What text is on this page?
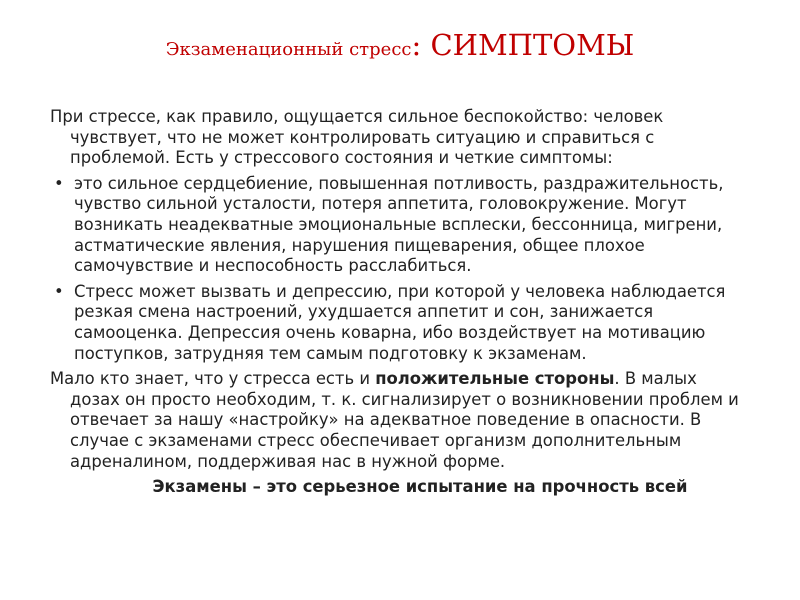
Экзаменационный стресс: СИМПТОМЫ

При стрессе, как правило, ощущается сильное беспокойство: человек чувствует, что не может контролировать ситуацию и справиться с проблемой. Есть у стрессового состояния и четкие симптомы:

• это сильное сердцебиение, повышенная потливость, раздражительность, чувство сильной усталости, потеря аппетита, головокружение. Могут возникать неадекватные эмоциональные всплески, бессонница, мигрени, астматические явления, нарушения пищеварения, общее плохое самочувствие и неспособность расслабиться.
• Стресс может вызвать и депрессию, при которой у человека наблюдается резкая смена настроений, ухудшается аппетит и сон, занижается самооценка. Депрессия очень коварна, ибо воздействует на мотивацию поступков, затрудняя тем самым подготовку к экзаменам.

Мало кто знает, что у стресса есть и положительные стороны. В малых дозах он просто необходим, т. к. сигнализирует о возникновении проблем и отвечает за нашу «настройку» на адекватное поведение в опасности. В случае с экзаменами стресс обеспечивает организм дополнительным адреналином, поддерживая нас в нужной форме.

Экзамены – это серьезное испытание на прочность всей
